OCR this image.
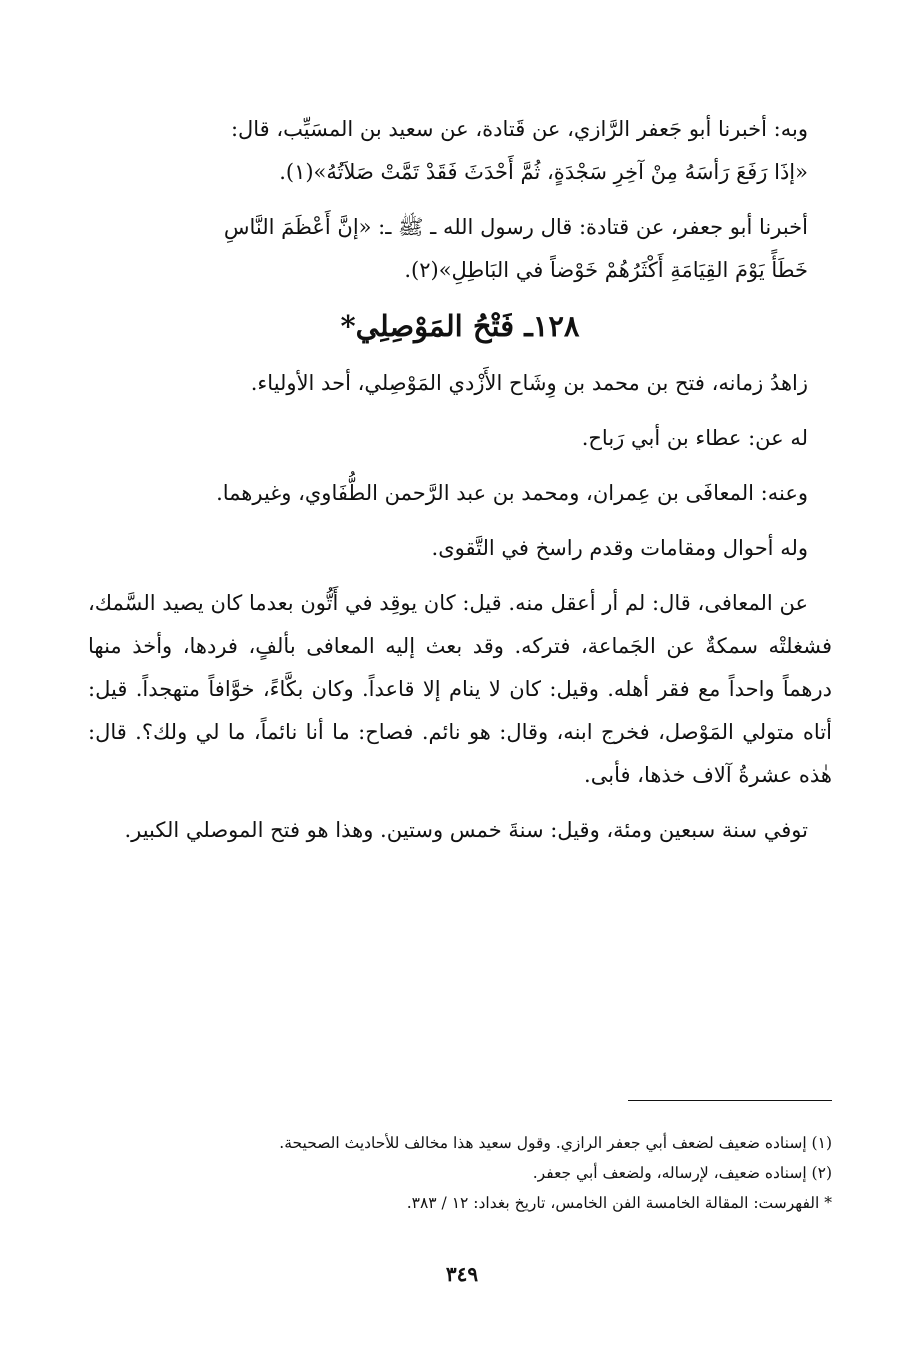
وبه: أخبرنا أبو جَعفر الرَّازي، عن قَتادة، عن سعيد بن المسَيِّب، قال:
«إذَا رَفَعَ رَأسَهُ مِنْ آخِرِ سَجْدَةٍ، ثُمَّ أَحْدَثَ فَقَدْ تَمَّتْ صَلاَتُهُ»(١).
أخبرنا أبو جعفر، عن قتادة: قال رسول الله ـ ﷺ ـ: «إنَّ أَعْظَمَ النَّاسِ
خَطَأً يَوْمَ القِيَامَةِ أَكْثَرُهُمْ خَوْضاً في البَاطِلِ»(٢).
١٢٨ـ فَتْحُ المَوْصِلِي*
زاهدُ زمانه، فتح بن محمد بن وِشَاح الأَزْدي المَوْصِلي، أحد الأولياء.
له عن: عطاء بن أبي رَباح.
وعنه: المعافَى بن عِمران، ومحمد بن عبد الرَّحمن الطُّفَاوي، وغيرهما.
وله أحوال ومقامات وقدم راسخ في التَّقوى.
عن المعافى، قال: لم أر أعقل منه. قيل: كان يوقِد في أَتُّون بعدما كان يصيد السَّمك، فشغلتْه سمكةٌ عن الجَماعة، فتركه. وقد بعث إليه المعافى بألفٍ، فردها، وأخذ منها درهماً واحداً مع فقر أهله. وقيل: كان لا ينام إلا قاعداً. وكان بكَّاءً، خوَّافاً متهجداً. قيل: أتاه متولي المَوْصل، فخرج ابنه، وقال: هو نائم. فصاح: ما أنا نائماً، ما لي ولك؟. قال: هٰذه عشرةُ آلاف خذها، فأبى.
توفي سنة سبعين ومئة، وقيل: سنةَ خمس وستين. وهذا هو فتح الموصلي الكبير.
(١) إسناده ضعيف لضعف أبي جعفر الرازي. وقول سعيد هذا مخالف للأحاديث الصحيحة.
(٢) إسناده ضعيف، لإرساله، ولضعف أبي جعفر.
* الفهرست: المقالة الخامسة الفن الخامس، تاريخ بغداد: ١٢ / ٣٨٣.
٣٤٩
